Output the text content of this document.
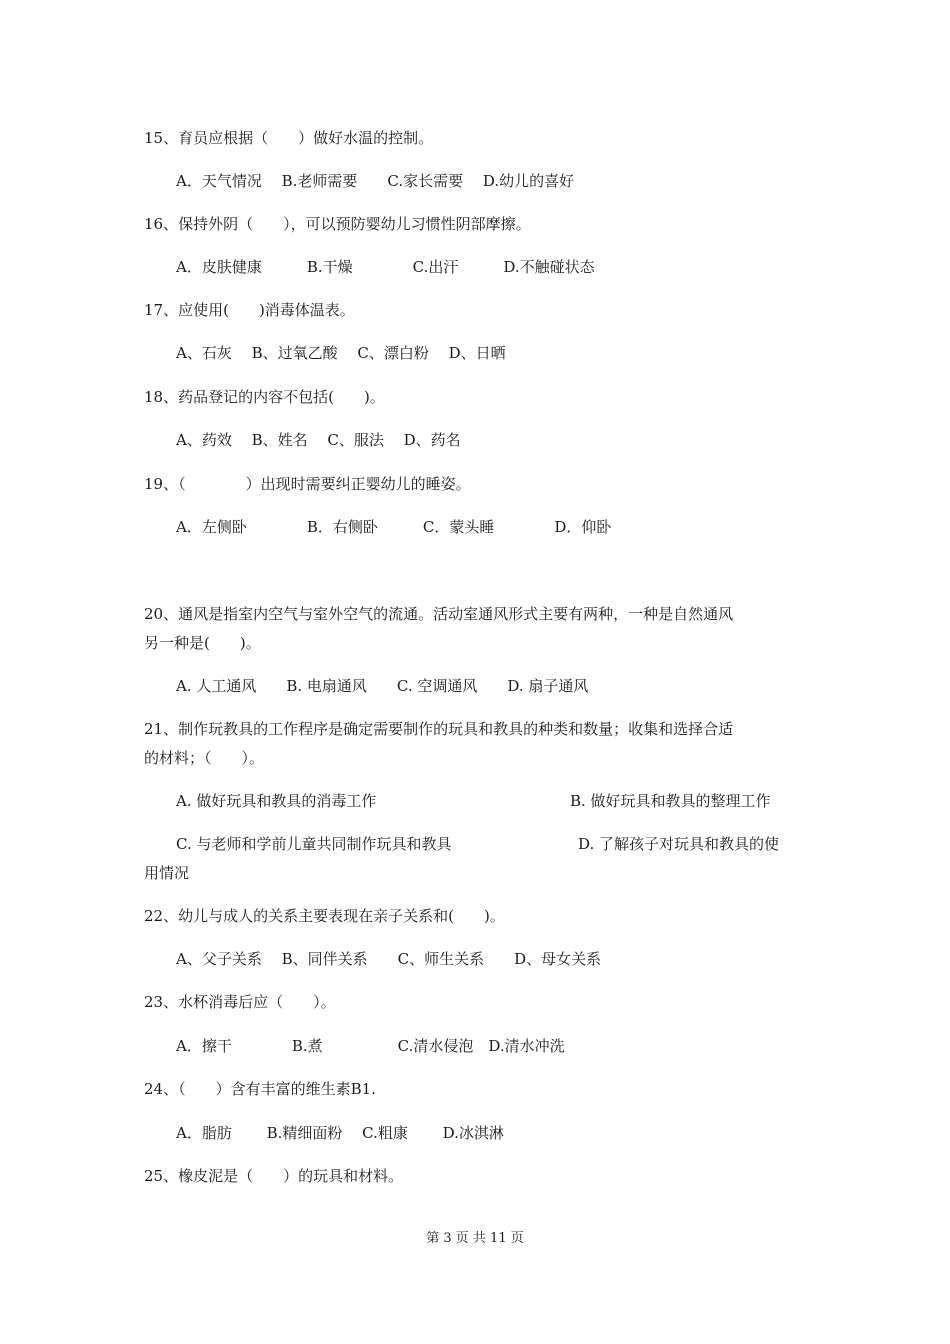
15、育员应根据（　　）做好水温的控制。
A．天气情况　 B.老师需要　　C.家长需要　 D.幼儿的喜好
16、保持外阴（　　），可以预防婴幼儿习惯性阴部摩擦。
A．皮肤健康　　　B.干燥　　　　C.出汗　　　D.不触碰状态
17、应使用(　　)消毒体温表。
A、石灰　 B、过氧乙酸　 C、漂白粉　 D、日晒
18、药品登记的内容不包括(　　)。
A、药效　 B、姓名　 C、服法　 D、药名
19、（　　　　）出现时需要纠正婴幼儿的睡姿。
A．左侧卧　　　　B．右侧卧　　　C．蒙头睡　　　　D．仰卧
20、通风是指室内空气与室外空气的流通。活动室通风形式主要有两种，一种是自然通风
另一种是(　　)。
A. 人工通风　　B. 电扇通风　　C. 空调通风　　D. 扇子通风
21、制作玩教具的工作程序是确定需要制作的玩具和教具的种类和数量；收集和选择合适
的材料；（　　）。
A. 做好玩具和教具的消毒工作	B. 做好玩具和教具的整理工作
C. 与老师和学前儿童共同制作玩具和教具	D. 了解孩子对玩具和教具的使
用情况
22、幼儿与成人的关系主要表现在亲子关系和(　　)。
A、父子关系　 B、同伴关系　　C、师生关系　　D、母女关系
23、水杯消毒后应（　　）。
A．擦干　　　　B.煮　　　　　C.清水侵泡　D.清水冲洗
24、（　　）含有丰富的维生素B1.
A．脂肪　　 B.精细面粉　 C.粗康　　 D.冰淇淋
25、橡皮泥是（　　）的玩具和材料。
第 3 页 共 11 页
